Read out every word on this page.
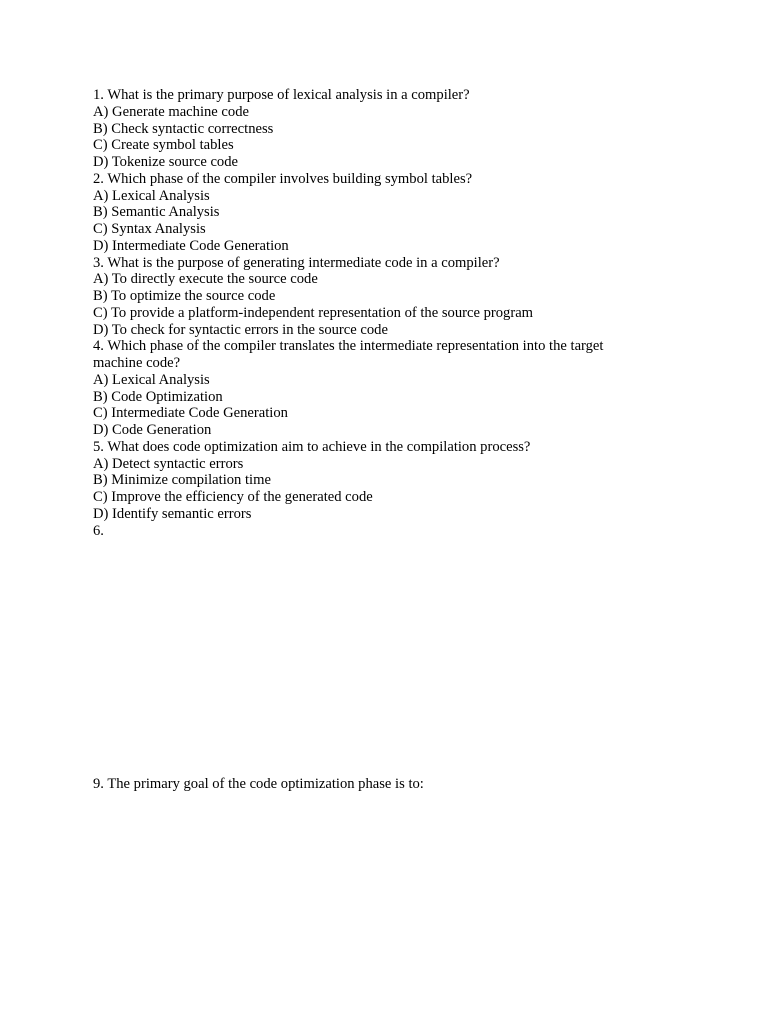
1. What is the primary purpose of lexical analysis in a compiler?
A) Generate machine code
B) Check syntactic correctness
C) Create symbol tables
D) Tokenize source code
2. Which phase of the compiler involves building symbol tables?
A) Lexical Analysis
B) Semantic Analysis
C) Syntax Analysis
D) Intermediate Code Generation
3. What is the purpose of generating intermediate code in a compiler?
A) To directly execute the source code
B) To optimize the source code
C) To provide a platform-independent representation of the source program
D) To check for syntactic errors in the source code
4. Which phase of the compiler translates the intermediate representation into the target machine code?
A) Lexical Analysis
B) Code Optimization
C) Intermediate Code Generation
D) Code Generation
5. What does code optimization aim to achieve in the compilation process?
A) Detect syntactic errors
B) Minimize compilation time
C) Improve the efficiency of the generated code
D) Identify semantic errors
6.
9. The primary goal of the code optimization phase is to:
